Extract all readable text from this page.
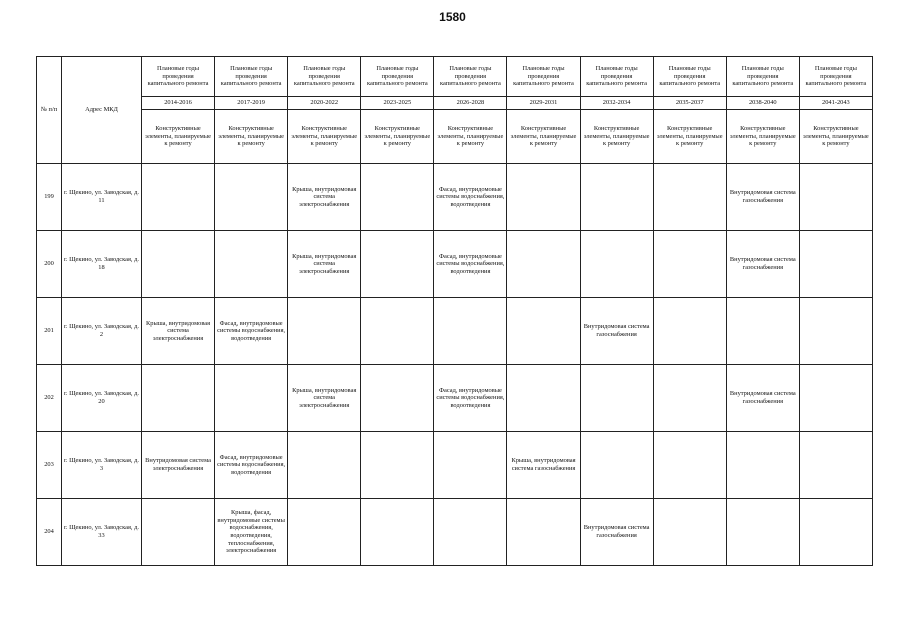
1580
№ п/п	Адрес МКД	Плановые годы проведения капитального ремонта	Плановые годы проведения капитального ремонта	Плановые годы проведения капитального ремонта	Плановые годы проведения капитального ремонта	Плановые годы проведения капитального ремонта	Плановые годы проведения капитального ремонта	Плановые годы проведения капитального ремонта	Плановые годы проведения капитального ремонта	Плановые годы проведения капитального ремонта	Плановые годы проведения капитального ремонта
		2014-2016	2017-2019	2020-2022	2023-2025	2026-2028	2029-2031	2032-2034	2035-2037	2038-2040	2041-2043
		Конструктивные элементы, планируемые к ремонту	Конструктивные элементы, планируемые к ремонту	Конструктивные элементы, планируемые к ремонту	Конструктивные элементы, планируемые к ремонту	Конструктивные элементы, планируемые к ремонту	Конструктивные элементы, планируемые к ремонту	Конструктивные элементы, планируемые к ремонту	Конструктивные элементы, планируемые к ремонту	Конструктивные элементы, планируемые к ремонту	Конструктивные элементы, планируемые к ремонту
199	г. Щекино, ул. Заводская, д. 11			Крыша, внутридомовая система электроснабжения		Фасад, внутридомовые системы водоснабжения, водоотведения				Внутридомовая система газоснабжения	
200	г. Щекино, ул. Заводская, д. 18			Крыша, внутридомовая система электроснабжения		Фасад, внутридомовые системы водоснабжения, водоотведения				Внутридомовая система газоснабжения	
201	г. Щекино, ул. Заводская, д. 2	Крыша, внутридомовая система электроснабжения	Фасад, внутридомовые системы водоснабжения, водоотведения					Внутридомовая система газоснабжения			
202	г. Щекино, ул. Заводская, д. 20			Крыша, внутридомовая система электроснабжения		Фасад, внутридомовые системы водоснабжения, водоотведения				Внутридомовая система газоснабжения	
203	г. Щекино, ул. Заводская, д. 3	Внутридомовая система электроснабжения	Фасад, внутридомовые системы водоснабжения, водоотведения				Крыша, внутридомовая система газоснабжения				
204	г. Щекино, ул. Заводская, д. 33		Крыша, фасад, внутридомовые системы водоснабжения, водоотведения, теплоснабжения, электроснабжения					Внутридомовая система газоснабжения			
